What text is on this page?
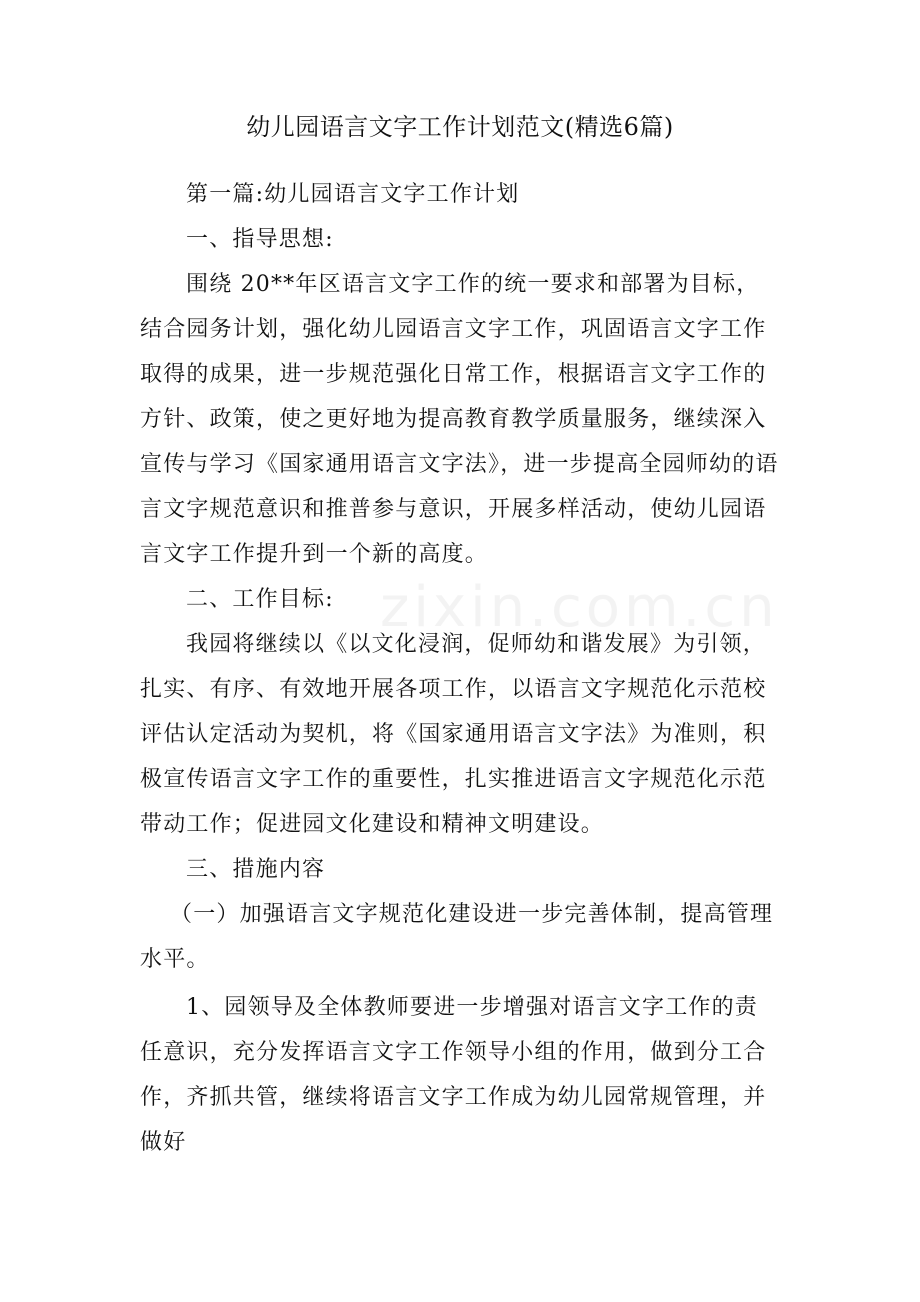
幼儿园语言文字工作计划范文(精选6篇)

第一篇:幼儿园语言文字工作计划

一、指导思想:

围绕 20**年区语言文字工作的统一要求和部署为目标，结合园务计划，强化幼儿园语言文字工作，巩固语言文字工作取得的成果，进一步规范强化日常工作，根据语言文字工作的方针、政策，使之更好地为提高教育教学质量服务，继续深入宣传与学习《国家通用语言文字法》，进一步提高全园师幼的语言文字规范意识和推普参与意识，开展多样活动，使幼儿园语言文字工作提升到一个新的高度。

二、工作目标:

我园将继续以《以文化浸润，促师幼和谐发展》为引领，扎实、有序、有效地开展各项工作，以语言文字规范化示范校评估认定活动为契机，将《国家通用语言文字法》为准则，积极宣传语言文字工作的重要性，扎实推进语言文字规范化示范带动工作；促进园文化建设和精神文明建设。

三、措施内容

（一）加强语言文字规范化建设进一步完善体制，提高管理水平。

1、园领导及全体教师要进一步增强对语言文字工作的责任意识，充分发挥语言文字工作领导小组的作用，做到分工合作，齐抓共管，继续将语言文字工作成为幼儿园常规管理，并做好

zixin.com.cn
